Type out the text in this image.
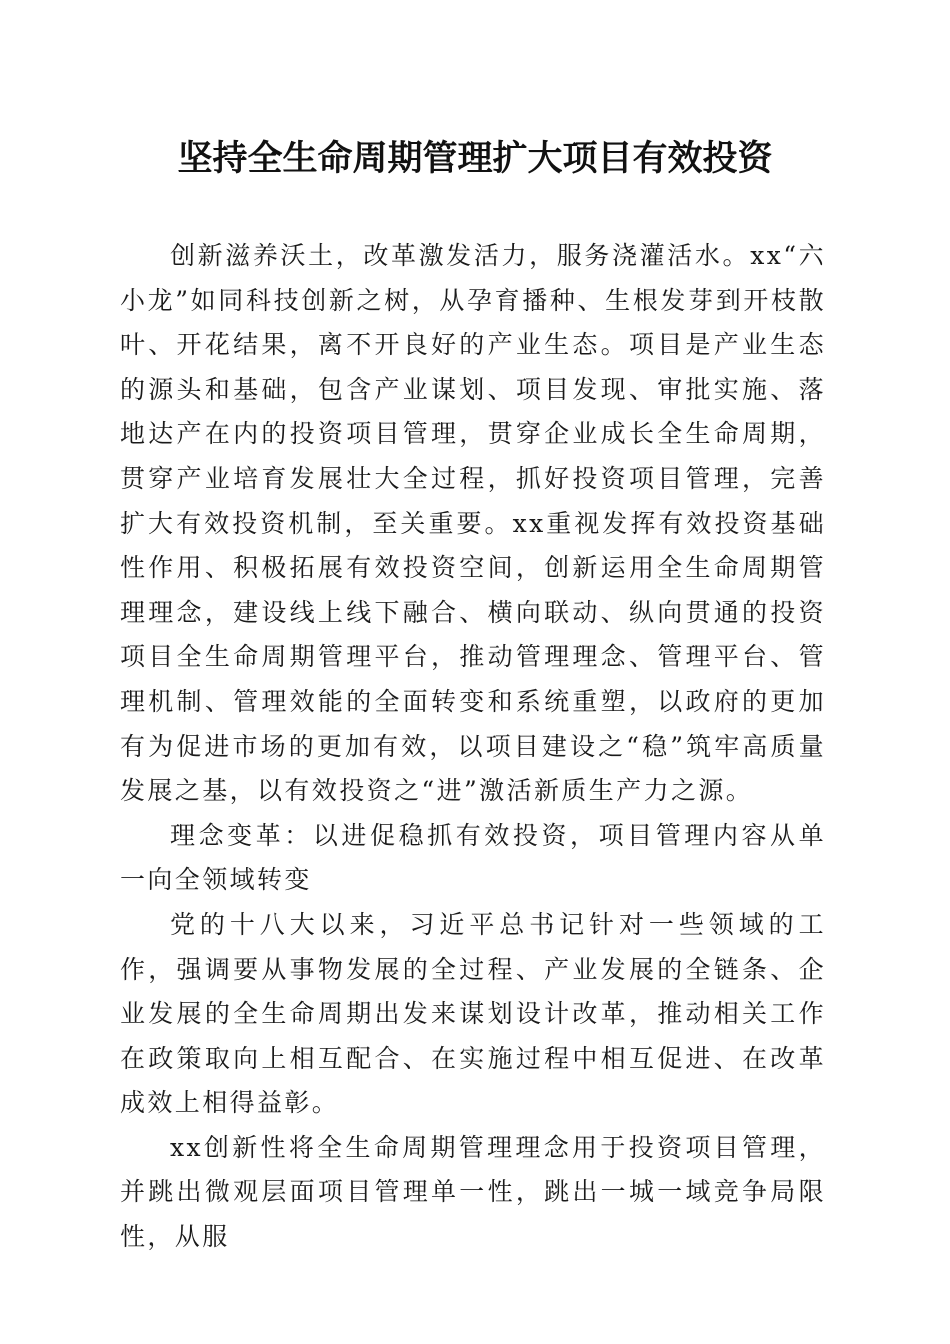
坚持全生命周期管理扩大项目有效投资

创新滋养沃土，改革激发活力，服务浇灌活水。xx“六小龙”如同科技创新之树，从孕育播种、生根发芽到开枝散叶、开花结果，离不开良好的产业生态。项目是产业生态的源头和基础，包含产业谋划、项目发现、审批实施、落地达产在内的投资项目管理，贯穿企业成长全生命周期，贯穿产业培育发展壮大全过程，抓好投资项目管理，完善扩大有效投资机制，至关重要。xx重视发挥有效投资基础性作用、积极拓展有效投资空间，创新运用全生命周期管理理念，建设线上线下融合、横向联动、纵向贯通的投资项目全生命周期管理平台，推动管理理念、管理平台、管理机制、管理效能的全面转变和系统重塑，以政府的更加有为促进市场的更加有效，以项目建设之“稳”筑牢高质量发展之基，以有效投资之“进”激活新质生产力之源。

理念变革：以进促稳抓有效投资，项目管理内容从单一向全领域转变

党的十八大以来，习近平总书记针对一些领域的工作，强调要从事物发展的全过程、产业发展的全链条、企业发展的全生命周期出发来谋划设计改革，推动相关工作在政策取向上相互配合、在实施过程中相互促进、在改革成效上相得益彰。

xx创新性将全生命周期管理理念用于投资项目管理，并跳出微观层面项目管理单一性，跳出一城一域竞争局限性，从服
